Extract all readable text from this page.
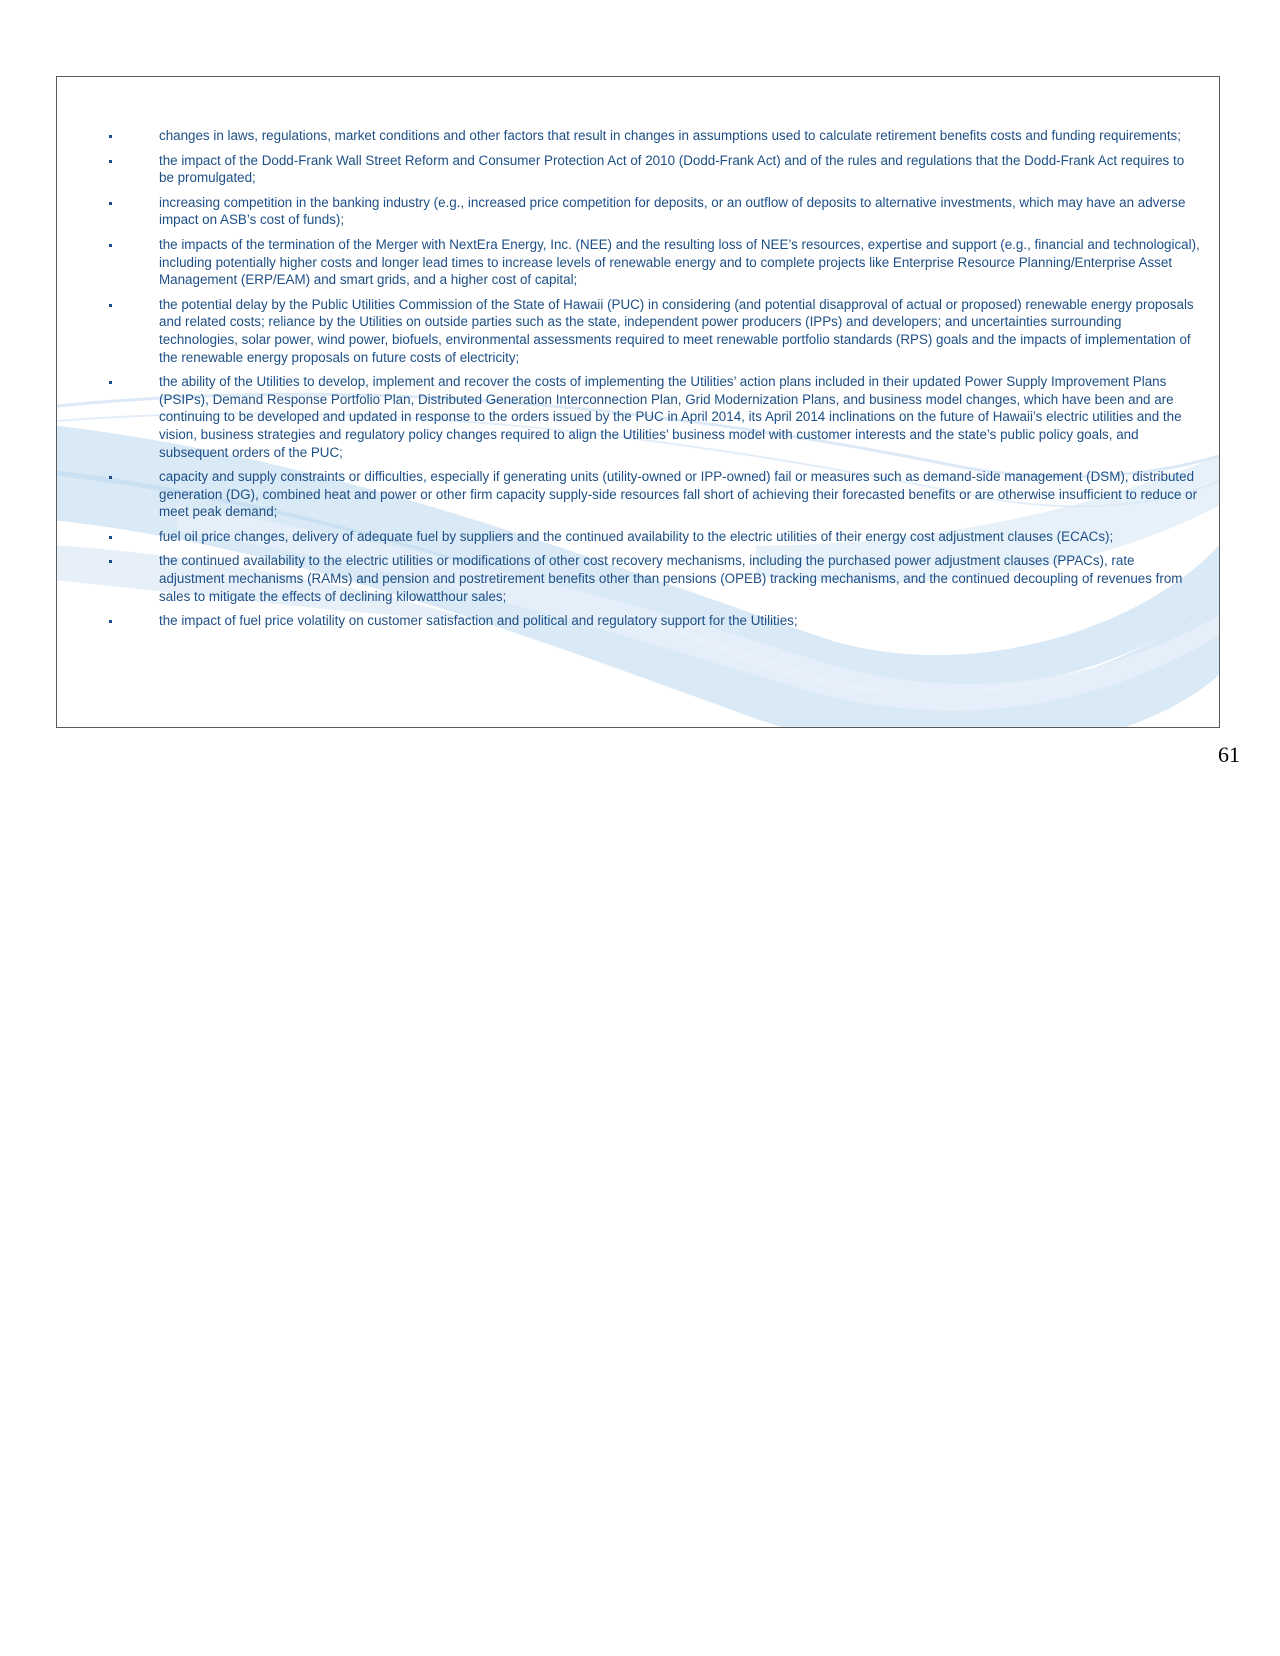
changes in laws, regulations, market conditions and other factors that result in changes in assumptions used to calculate retirement benefits costs and funding requirements;
the impact of the Dodd-Frank Wall Street Reform and Consumer Protection Act of 2010 (Dodd-Frank Act) and of the rules and regulations that the Dodd-Frank Act requires to be promulgated;
increasing competition in the banking industry (e.g., increased price competition for deposits, or an outflow of deposits to alternative investments, which may have an adverse impact on ASB’s cost of funds);
the impacts of the termination of the Merger with NextEra Energy, Inc. (NEE) and the resulting loss of NEE’s resources, expertise and support (e.g., financial and technological), including potentially higher costs and longer lead times to increase levels of renewable energy and to complete projects like Enterprise Resource Planning/Enterprise Asset Management (ERP/EAM) and smart grids, and a higher cost of capital;
the potential delay by the Public Utilities Commission of the State of Hawaii (PUC) in considering (and potential disapproval of actual or proposed) renewable energy proposals and related costs; reliance by the Utilities on outside parties such as the state, independent power producers (IPPs) and developers; and uncertainties surrounding technologies, solar power, wind power, biofuels, environmental assessments required to meet renewable portfolio standards (RPS) goals and the impacts of implementation of the renewable energy proposals on future costs of electricity;
the ability of the Utilities to develop, implement and recover the costs of implementing the Utilities’ action plans included in their updated Power Supply Improvement Plans (PSIPs), Demand Response Portfolio Plan, Distributed Generation Interconnection Plan, Grid Modernization Plans, and business model changes, which have been and are continuing to be developed and updated in response to the orders issued by the PUC in April 2014, its April 2014 inclinations on the future of Hawaii’s electric utilities and the vision, business strategies and regulatory policy changes required to align the Utilities’ business model with customer interests and the state’s public policy goals, and subsequent orders of the PUC;
capacity and supply constraints or difficulties, especially if generating units (utility-owned or IPP-owned) fail or measures such as demand-side management (DSM), distributed generation (DG), combined heat and power or other firm capacity supply-side resources fall short of achieving their forecasted benefits or are otherwise insufficient to reduce or meet peak demand;
fuel oil price changes, delivery of adequate fuel by suppliers and the continued availability to the electric utilities of their energy cost adjustment clauses (ECACs);
the continued availability to the electric utilities or modifications of other cost recovery mechanisms, including the purchased power adjustment clauses (PPACs), rate adjustment mechanisms (RAMs) and pension and postretirement benefits other than pensions (OPEB) tracking mechanisms, and the continued decoupling of revenues from sales to mitigate the effects of declining kilowatthour sales;
the impact of fuel price volatility on customer satisfaction and political and regulatory support for the Utilities;
61
